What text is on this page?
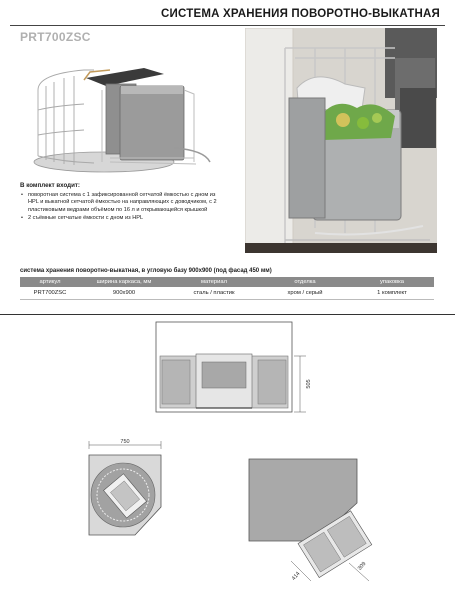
СИСТЕМА ХРАНЕНИЯ ПОВОРОТНО-ВЫКАТНАЯ
PRT700ZSC
В комплект входит:
• поворотная система с 1 зафиксированной сетчатой ёмкостью с дном из HPL и выкатной сетчатой ёмкостью на направляющих с доводчиком, с 2 пластиковыми ведрами объёмом по 16 л и открывающейся крышкой
• 2 съёмные сетчатые ёмкости с дном из HPL
система хранения поворотно-выкатная, в угловую базу 900x900 (под фасад 450 мм)
артикул	ширина каркаса, мм	материал	отделка	упаковка
PRT700ZSC	900x900	сталь / пластик	хром / серый	1 комплект
505
750
414
309
